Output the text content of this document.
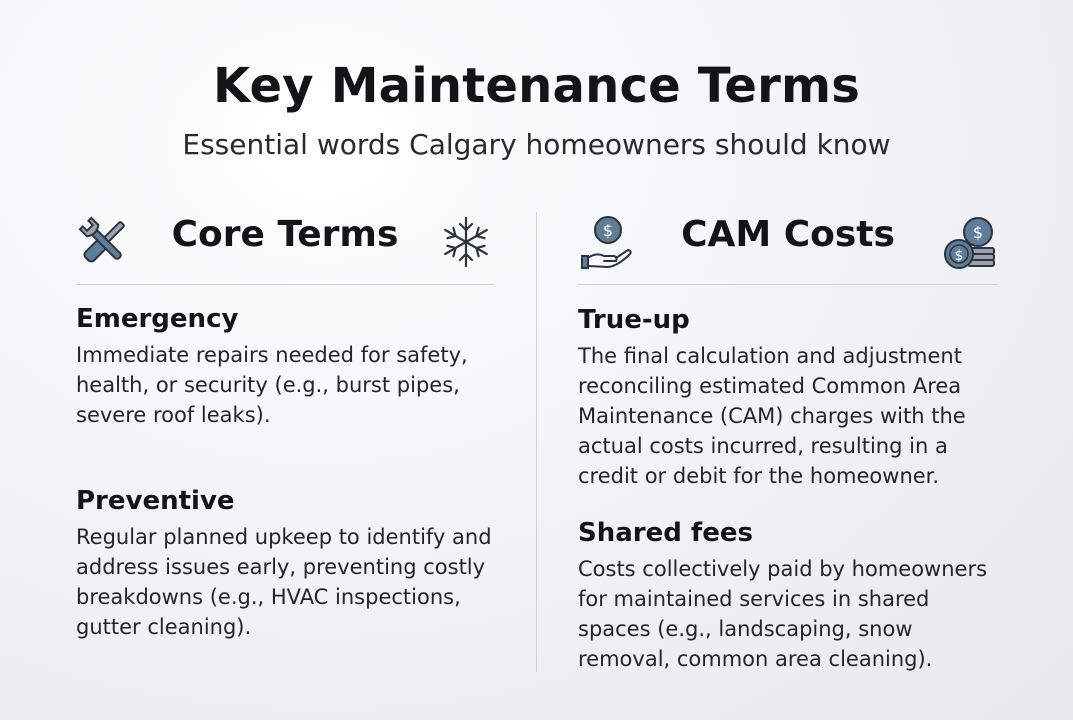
Key Maintenance Terms
Essential words Calgary homeowners should know
Core Terms
Emergency
Immediate repairs needed for safety, health, or security (e.g., burst pipes, severe roof leaks).
Preventive
Regular planned upkeep to identify and address issues early, preventing costly breakdowns (e.g., HVAC inspections, gutter cleaning).
$	CAM Costs	$
$
True-up
The final calculation and adjustment reconciling estimated Common Area Maintenance (CAM) charges with the actual costs incurred, resulting in a credit or debit for the homeowner.
Shared fees
Costs collectively paid by homeowners for maintained services in shared spaces (e.g., landscaping, snow removal, common area cleaning).
